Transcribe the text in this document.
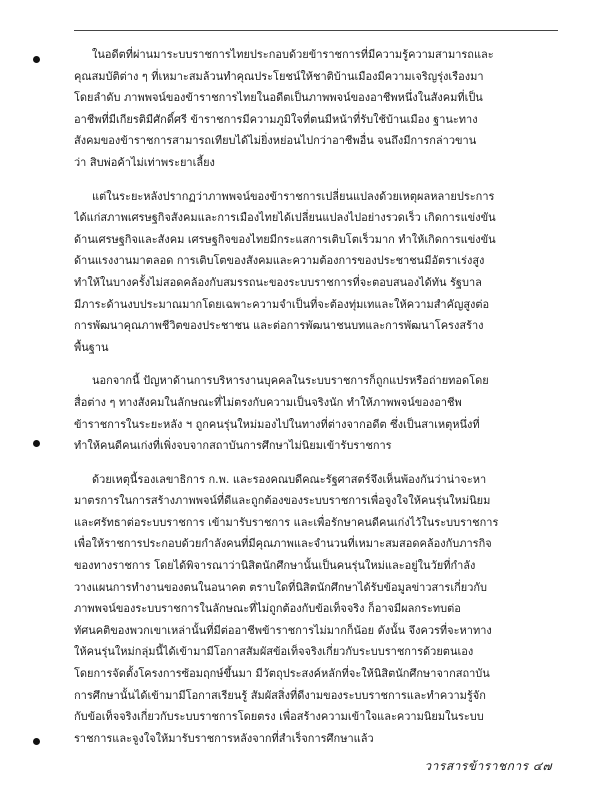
ในอดีตที่ผ่านมาระบบราชการไทยประกอบด้วยข้าราชการที่มีความรู้ความสามารถและ
คุณสมบัติต่าง ๆ ที่เหมาะสมล้วนทำคุณประโยชน์ให้ชาติบ้านเมืองมีความเจริญรุ่งเรืองมา
โดยลำดับ ภาพพจน์ของข้าราชการไทยในอดีตเป็นภาพพจน์ของอาชีพหนึ่งในสังคมที่เป็น
อาชีพที่มีเกียรติมีศักดิ์ศรี ข้าราชการมีความภูมิใจที่ตนมีหน้าที่รับใช้บ้านเมือง ฐานะทาง
สังคมของข้าราชการสามารถเทียบได้ไม่ยิ่งหย่อนไปกว่าอาชีพอื่น จนถึงมีการกล่าวขาน
ว่า สิบพ่อค้าไม่เท่าพระยาเลี้ยง
แต่ในระยะหลังปรากฏว่าภาพพจน์ของข้าราชการเปลี่ยนแปลงด้วยเหตุผลหลายประการ
ได้แก่สภาพเศรษฐกิจสังคมและการเมืองไทยได้เปลี่ยนแปลงไปอย่างรวดเร็ว เกิดการแข่งขัน
ด้านเศรษฐกิจและสังคม เศรษฐกิจของไทยมีกระแสการเติบโตเร็วมาก ทำให้เกิดการแข่งขัน
ด้านแรงงานมาตลอด การเติบโตของสังคมและความต้องการของประชาชนมีอัตราเร่งสูง
ทำให้ในบางครั้งไม่สอดคล้องกับสมรรถนะของระบบราชการที่จะตอบสนองได้ทัน รัฐบาล
มีภาระด้านงบประมาณมากโดยเฉพาะความจำเป็นที่จะต้องทุ่มเทและให้ความสำคัญสูงต่อ
การพัฒนาคุณภาพชีวิตของประชาชน และต่อการพัฒนาชนบทและการพัฒนาโครงสร้าง
พื้นฐาน
นอกจากนี้ ปัญหาด้านการบริหารงานบุคคลในระบบราชการก็ถูกแปรหรือถ่ายทอดโดย
สื่อต่าง ๆ ทางสังคมในลักษณะที่ไม่ตรงกับความเป็นจริงนัก ทำให้ภาพพจน์ของอาชีพ
ข้าราชการในระยะหลัง ฯ ถูกคนรุ่นใหม่มองไปในทางที่ต่างจากอดีต ซึ่งเป็นสาเหตุหนึ่งที่
ทำให้คนดีคนเก่งที่เพิ่งจบจากสถาบันการศึกษาไม่นิยมเข้ารับราชการ
ด้วยเหตุนี้รองเลขาธิการ ก.พ. และรองคณบดีคณะรัฐศาสตร์จึงเห็นพ้องกันว่าน่าจะหา
มาตรการในการสร้างภาพพจน์ที่ดีและถูกต้องของระบบราชการเพื่อจูงใจให้คนรุ่นใหม่นิยม
และศรัทธาต่อระบบราชการ เข้ามารับราชการ และเพื่อรักษาคนดีคนเก่งไว้ในระบบราชการ
เพื่อให้ราชการประกอบด้วยกำลังคนที่มีคุณภาพและจำนวนที่เหมาะสมสอดคล้องกับภารกิจ
ของทางราชการ โดยได้พิจารณาว่านิสิตนักศึกษานั้นเป็นคนรุ่นใหม่และอยู่ในวัยที่กำลัง
วางแผนการทำงานของตนในอนาคต ตราบใดที่นิสิตนักศึกษาได้รับข้อมูลข่าวสารเกี่ยวกับ
ภาพพจน์ของระบบราชการในลักษณะที่ไม่ถูกต้องกับข้อเท็จจริง ก็อาจมีผลกระทบต่อ
ทัศนคติของพวกเขาเหล่านั้นที่มีต่ออาชีพข้าราชการไม่มากก็น้อย ดังนั้น จึงควรที่จะหาทาง
ให้คนรุ่นใหม่กลุ่มนี้ได้เข้ามามีโอกาสสัมผัสข้อเท็จจริงเกี่ยวกับระบบราชการด้วยตนเอง
โดยการจัดตั้งโครงการซ้อมฤกษ์ขึ้นมา มีวัตถุประสงค์หลักที่จะให้นิสิตนักศึกษาจากสถาบัน
การศึกษานั้นได้เข้ามามีโอกาสเรียนรู้ สัมผัสสิ่งที่ดีงามของระบบราชการและทำความรู้จัก
กับข้อเท็จจริงเกี่ยวกับระบบราชการโดยตรง เพื่อสร้างความเข้าใจและความนิยมในระบบ
ราชการและจูงใจให้มารับราชการหลังจากที่สำเร็จการศึกษาแล้ว
วารสารข้าราชการ ๔๗
